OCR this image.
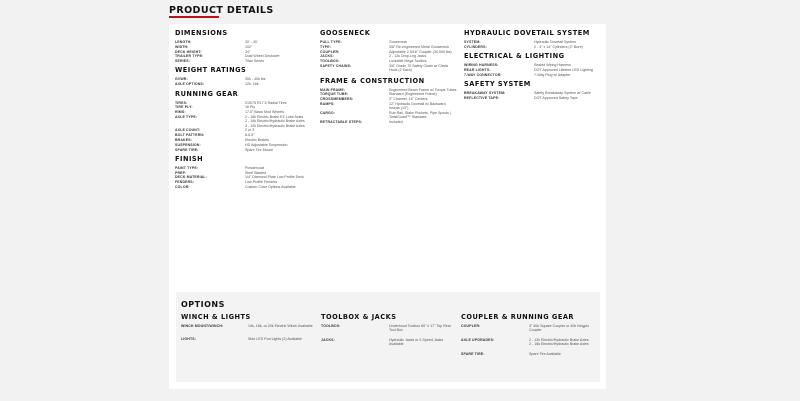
PRODUCT DETAILS
DIMENSIONS
LENGTH:	30' - 40'
WIDTH:	102"
DECK HEIGHT:	34"
TRAILER TYPE:	Dual Wheel Deckover
SERIES:	Titan Series
WEIGHT RATINGS
GVWR:	30k - 40k lbs
AXLE OPTIONS:	12k, 16k
RUNNING GEAR
TIRES:	215/75 R17.5 Radial Tires
TIRE PLY:	16 Ply
RIMS:	17.5" Black Mod Wheels
AXLE TYPE:	2 - 16k Electric Brake EZ Lube Axles
2 - 16k Electric/Hydraulic Brake Axles
3 - 12k Electric/Hydraulic Brake Axles
AXLE COUNT:	2 or 3
BOLT PATTERN:	8-6.5"
BRAKES:	Electric Brakes
SUSPENSION:	HD Adjustable Suspension
SPARE TIRE:	Spare Tire Mount
FINISH
PAINT TYPE:	Powdercoat
PREP:	Steel Blasted
DECK MATERIAL:	1/4" Diamond Plate Low Profile Deck
FENDERS:	Low-Profile Fenders
COLOR:	Custom Color Options Available
GOOSENECK
PULL TYPE:	Gooseneck
TYPE:	3/8" Re-engineered Metal Gooseneck
COUPLER:	Adjustable 2 5/16" Coupler (30,000 lbs)
JACKS:	2 - 12k Drop-Leg Jacks
TOOLBOX:	Lockable Mega Toolbox
SAFETY CHAINS:	3/8" Grade 70 Safety Chain w/ Clevis Hook (2 Each)
FRAME & CONSTRUCTION
MAIN FRAME:	Engineered Beam Frame w/ Torque Tubes
TORQUE TUBE:	Standard (Engineered Frame)
CROSSMEMBERS:	3" Channel, 16" Centers
RAMPS:	12" Hydraulic Dovetail w/ Backward Inserts (13")
CARGO:	Rub Rail, Stake Pockets, Pipe Spools | TwistGuard™ Standard
RETRACTABLE STEPS:	Included
HYDRAULIC DOVETAIL SYSTEM
SYSTEM:	Hydraulic Dovetail System
CYLINDERS:	2 - 4" x 14" Cylinders (2" Bore)
ELECTRICAL & LIGHTING
WIRING HARNESS:	Sealed Wiring Harness
REAR LIGHTS:	DOT Approved Lifetime LED Lighting
7-WAY CONNECTOR:	7-Way Plug w/ Adapter
SAFETY SYSTEM
BREAKAWAY SYSTEM:	Safety Breakaway System w/ Cable
REFLECTIVE TAPE:	DOT Approved Safety Tape
OPTIONS
WINCH & LIGHTS
WINCH MOUNT/WINCH:	14k, 16k, or 20k Electric Winch Available
LIGHTS:	Side LED Pod Lights (2) Available
TOOLBOX & JACKS
TOOLBOX:	Underhood Toolbox 60" x 17" Top Rear Tool Box
JACKS:	Hydraulic Jacks or 2-Speed Jacks Available
COUPLER & RUNNING GEAR
COUPLER:	3" 40k Square Coupler or 40k Kingpin Coupler
AXLE UPGRADES:	2 - 12k Electric/Hydraulic Brake Axles
2 - 16k Electric/Hydraulic Brake Axles
SPARE TIRE:	Spare Tire Available
